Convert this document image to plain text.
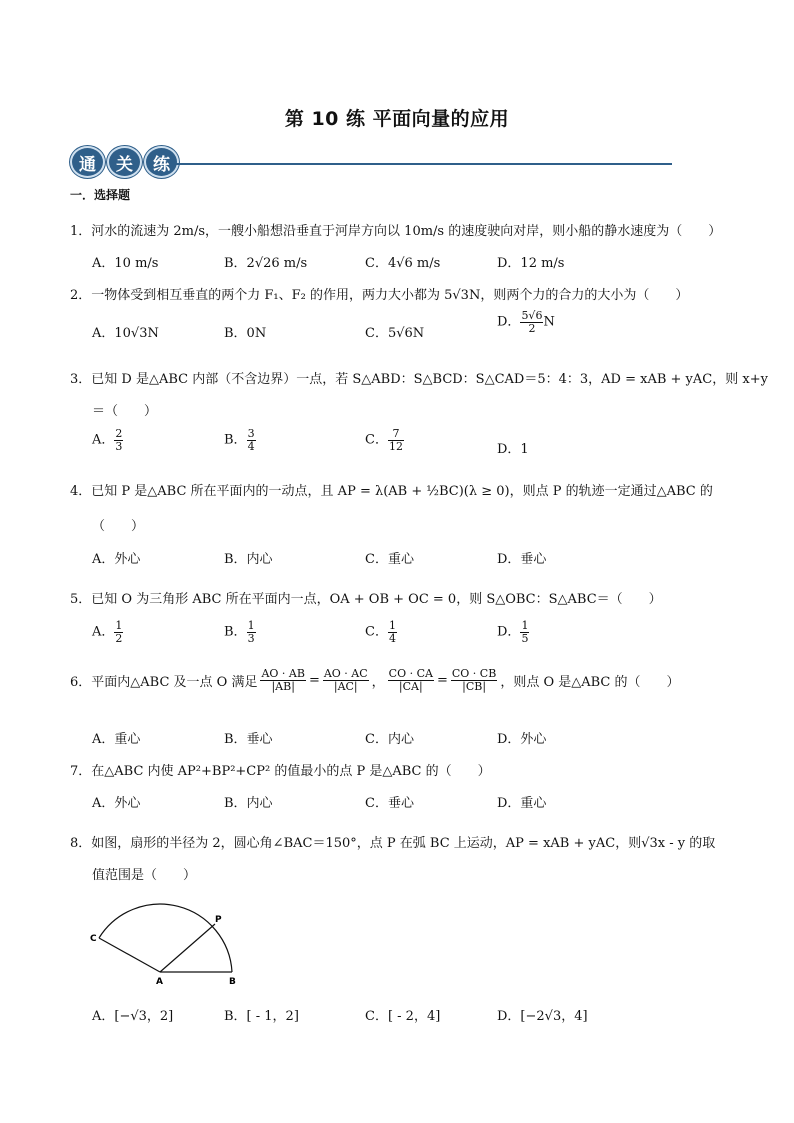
第 10 练 平面向量的应用
通	关	练
一．选择题
1．河水的流速为 2m/s，一艘小船想沿垂直于河岸方向以 10m/s 的速度驶向对岸，则小船的静水速度为（　　）
A．10 m/s	B．2√26 m/s	C．4√6 m/s	D．12 m/s
2．一物体受到相互垂直的两个力 F₁、F₂ 的作用，两力大小都为 5√3N，则两个力的合力的大小为（　　）
A．10√3N	B．0N	C．5√6N
D． $\frac{5√6}{2}$ N
3．已知 D 是△ABC 内部（不含边界）一点，若 S△ABD：S△BCD：S△CAD＝5：4：3，AD = xAB + yAC，则 x+y
＝（　　）
A． $\frac{2}{3}$	B． $\frac{3}{4}$	C． $\frac{7}{12}$	D．1
4．已知 P 是△ABC 所在平面内的一动点，且 AP = λ(AB + ½BC)(λ ≥ 0)，则点 P 的轨迹一定通过△ABC 的
（　　）
A．外心	B．内心	C．重心	D．垂心
5．已知 O 为三角形 ABC 所在平面内一点，OA + OB + OC = 0，则 S△OBC：S△ABC＝（　　）
A． $\frac{1}{2}$	B． $\frac{1}{3}$	C． $\frac{1}{4}$	D． $\frac{1}{5}$
6．平面内△ABC 及一点 O 满足 $\frac{AO \cdot AB}{|AB|} = \frac{AO \cdot AC}{|AC|}$ ， $\frac{CO \cdot CA}{|CA|} = \frac{CO \cdot CB}{|CB|}$ ，则点 O 是△ABC 的（　　）
A．重心	B．垂心	C．内心	D．外心
7．在△ABC 内使 AP²+BP²+CP² 的值最小的点 P 是△ABC 的（　　）
A．外心	B．内心	C．垂心	D．重心
8．如图，扇形的半径为 2，圆心角∠BAC＝150°，点 P 在弧 BC 上运动，AP = xAB + yAC，则√3x - y 的取
值范围是（　　）
C
P
A	B
A．[−√3，2]	B．[ - 1，2]	C．[ - 2，4]	D．[−2√3，4]
